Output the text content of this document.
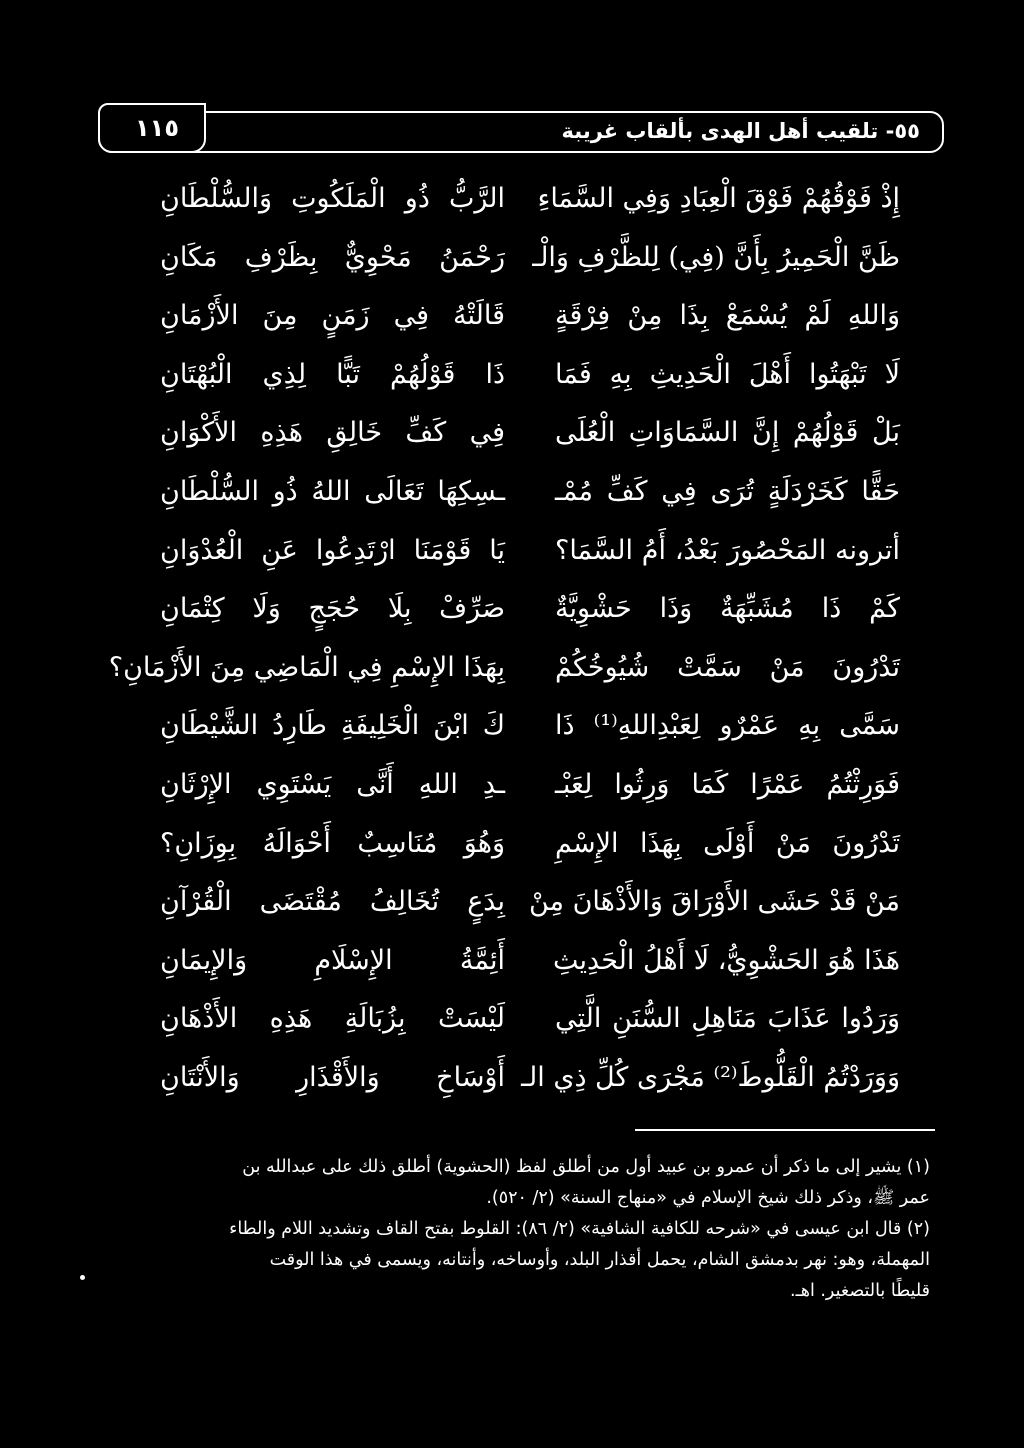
٥٥- تلقيب أهل الهدى بألقاب غريبة
١١٥
إِذْ فَوْقُهُمْ فَوْقَ الْعِبَادِ وَفِي السَّمَاءِ
الرَّبُّ ذُو الْمَلَكُوتِ وَالسُّلْطَانِ
ظَنَّ الْحَمِيرُ بِأَنَّ (فِي) لِلظَّرْفِ وَالْـ
رَحْمَنُ مَحْوِيٌّ بِظَرْفِ مَكَانِ
وَاللهِ لَمْ يُسْمَعْ بِذَا مِنْ فِرْقَةٍ
قَالَتْهُ فِي زَمَنٍ مِنَ الأَزْمَانِ
لَا تَبْهَتُوا أَهْلَ الْحَدِيثِ بِهِ فَمَا
ذَا قَوْلُهُمْ تَبًّا لِذِي الْبُهْتَانِ
بَلْ قَوْلُهُمْ إِنَّ السَّمَاوَاتِ الْعُلَى
فِي كَفِّ خَالِقِ هَذِهِ الأَكْوَانِ
حَقًّا كَخَرْدَلَةٍ تُرَى فِي كَفِّ مُمْـ
ـسِكِهَا تَعَالَى اللهُ ذُو السُّلْطَانِ
أترونه المَحْصُورَ بَعْدُ، أَمُ السَّمَا؟
يَا قَوْمَنَا ارْتَدِعُوا عَنِ الْعُدْوَانِ
كَمْ ذَا مُشَبِّهَةٌ وَذَا حَشْوِيَّةٌ
صَرِّفْ بِلَا حُجَجٍ وَلَا كِتْمَانِ
تَدْرُونَ مَنْ سَمَّتْ شُيُوخُكُمْ
بِهَذَا الإِسْمِ فِي الْمَاضِي مِنَ الأَزْمَانِ؟
سَمَّى بِهِ عَمْرٌو لِعَبْدِاللهِ⁽¹⁾ ذَا
كَ ابْنَ الْخَلِيفَةِ طَارِدُ الشَّيْطَانِ
فَوَرِثْتُمُ عَمْرًا كَمَا وَرِثُوا لِعَبْـ
ـدِ اللهِ أَنَّى يَسْتَوِي الإِرْثَانِ
تَدْرُونَ مَنْ أَوْلَى بِهَذَا الإِسْمِ
وَهُوَ مُنَاسِبٌ أَحْوَالَهُ بِوِزَانِ؟
مَنْ قَدْ حَشَى الأَوْرَاقَ وَالأَذْهَانَ مِنْ
بِدَعٍ تُخَالِفُ مُقْتَضَى الْقُرْآنِ
هَذَا هُوَ الحَشْوِيُّ، لَا أَهْلُ الْحَدِيثِ
أَئِمَّةُ الإِسْلَامِ وَالإِيمَانِ
وَرَدُوا عَذَابَ مَنَاهِلِ السُّنَنِ الَّتِي
لَيْسَتْ بِزُبَالَةِ هَذِهِ الأَذْهَانِ
وَوَرَدْتُمُ الْقَلُّوطَ⁽²⁾ مَجْرَى كُلِّ ذِي الـ
أَوْسَاخِ وَالأَقْذَارِ وَالأَنْتَانِ
(١) يشير إلى ما ذكر أن عمرو بن عبيد أول من أطلق لفظ (الحشوية) أطلق ذلك على عبدالله بن
عمر ﷺ، وذكر ذلك شيخ الإسلام في «منهاج السنة» (٢/ ٥٢٠).
(٢) قال ابن عيسى في «شرحه للكافية الشافية» (٢/ ٨٦): القلوط بفتح القاف وتشديد اللام والطاء
المهملة، وهو: نهر بدمشق الشام، يحمل أقذار البلد، وأوساخه، وأنتانه، ويسمى في هذا الوقت
قليطًا بالتصغير. اهـ.
